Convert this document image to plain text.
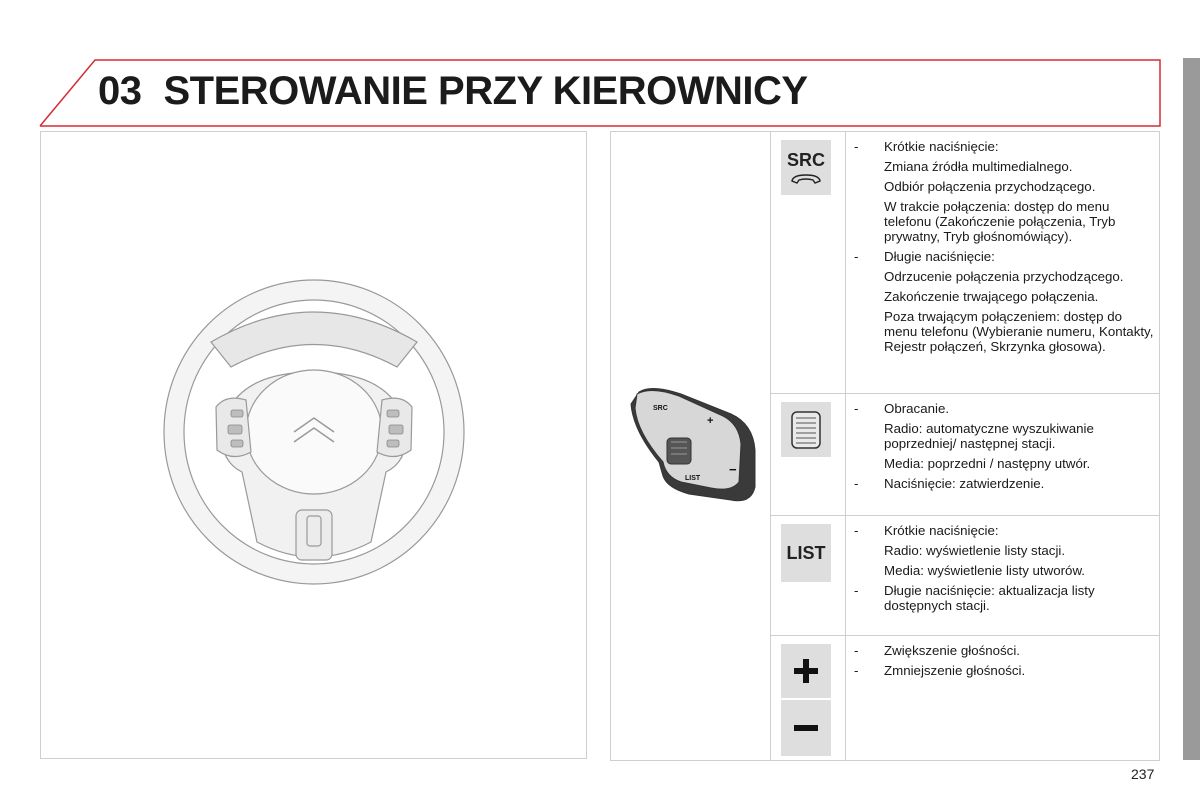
03 STEROWANIE PRZY KIEROWNICY
SRC
LIST
+
−
SRC
- Krótkie naciśnięcie:
Zmiana źródła multimedialnego.
Odbiór połączenia przychodzącego.
W trakcie połączenia: dostęp do menu telefonu (Zakończenie połączenia, Tryb prywatny, Tryb głośnomówiący).
- Długie naciśnięcie:
Odrzucenie połączenia przychodzącego.
Zakończenie trwającego połączenia.
Poza trwającym połączeniem: dostęp do menu telefonu (Wybieranie numeru, Kontakty, Rejestr połączeń, Skrzynka głosowa).
- Obracanie.
Radio: automatyczne wyszukiwanie poprzedniej/ następnej stacji.
Media: poprzedni / następny utwór.
- Naciśnięcie: zatwierdzenie.
LIST
- Krótkie naciśnięcie:
Radio: wyświetlenie listy stacji.
Media: wyświetlenie listy utworów.
- Długie naciśnięcie: aktualizacja listy dostępnych stacji.
- Zwiększenie głośności.
- Zmniejszenie głośności.
237
